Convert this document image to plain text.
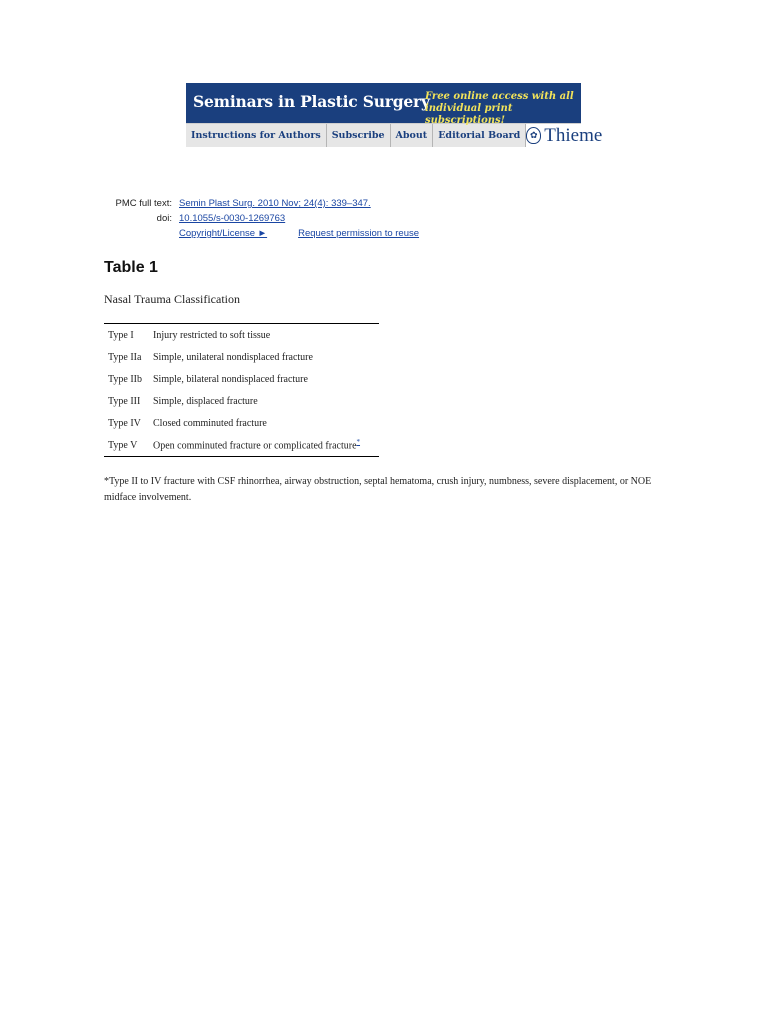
Seminars in Plastic Surgery
Free online access with all
individual print subscriptions!
Instructions for Authors	Subscribe	About	Editorial Board	✿ Thieme
PMC full text: Semin Plast Surg. 2010 Nov; 24(4): 339–347.
doi: 10.1055/s-0030-1269763
Copyright/License ►	Request permission to reuse
Table 1
Nasal Trauma Classification
Type I	Injury restricted to soft tissue
Type IIa	Simple, unilateral nondisplaced fracture
Type IIb	Simple, bilateral nondisplaced fracture
Type III	Simple, displaced fracture
Type IV	Closed comminuted fracture
Type V	Open comminuted fracture or complicated fracture*
*Type II to IV fracture with CSF rhinorrhea, airway obstruction, septal hematoma, crush injury, numbness, severe displacement, or NOE midface involvement.
